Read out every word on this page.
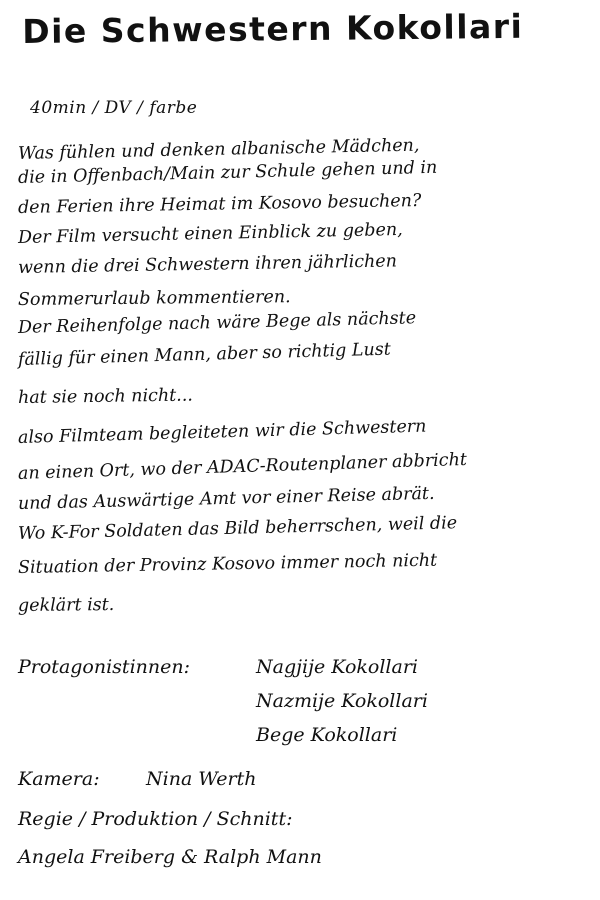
Die Schwestern Kokollari
40min / DV / farbe
Was fühlen und denken albanische Mädchen,
die in Offenbach/Main zur Schule gehen und in
den Ferien ihre Heimat im Kosovo besuchen?
Der Film versucht einen Einblick zu geben,
wenn die drei Schwestern ihren jährlichen
Sommerurlaub kommentieren.
Der Reihenfolge nach wäre Bege als nächste
fällig für einen Mann, aber so richtig Lust
hat sie noch nicht...
also Filmteam begleiteten wir die Schwestern
an einen Ort, wo der ADAC-Routenplaner abbricht
und das Auswärtige Amt vor einer Reise abrät.
Wo K-For Soldaten das Bild beherrschen, weil die
Situation der Provinz Kosovo immer noch nicht
geklärt ist.
Protagonistinnen:	Nagjije Kokollari
Nazmije Kokollari
Bege Kokollari
Kamera: Nina Werth
Regie / Produktion / Schnitt:
Angela Freiberg & Ralph Mann
